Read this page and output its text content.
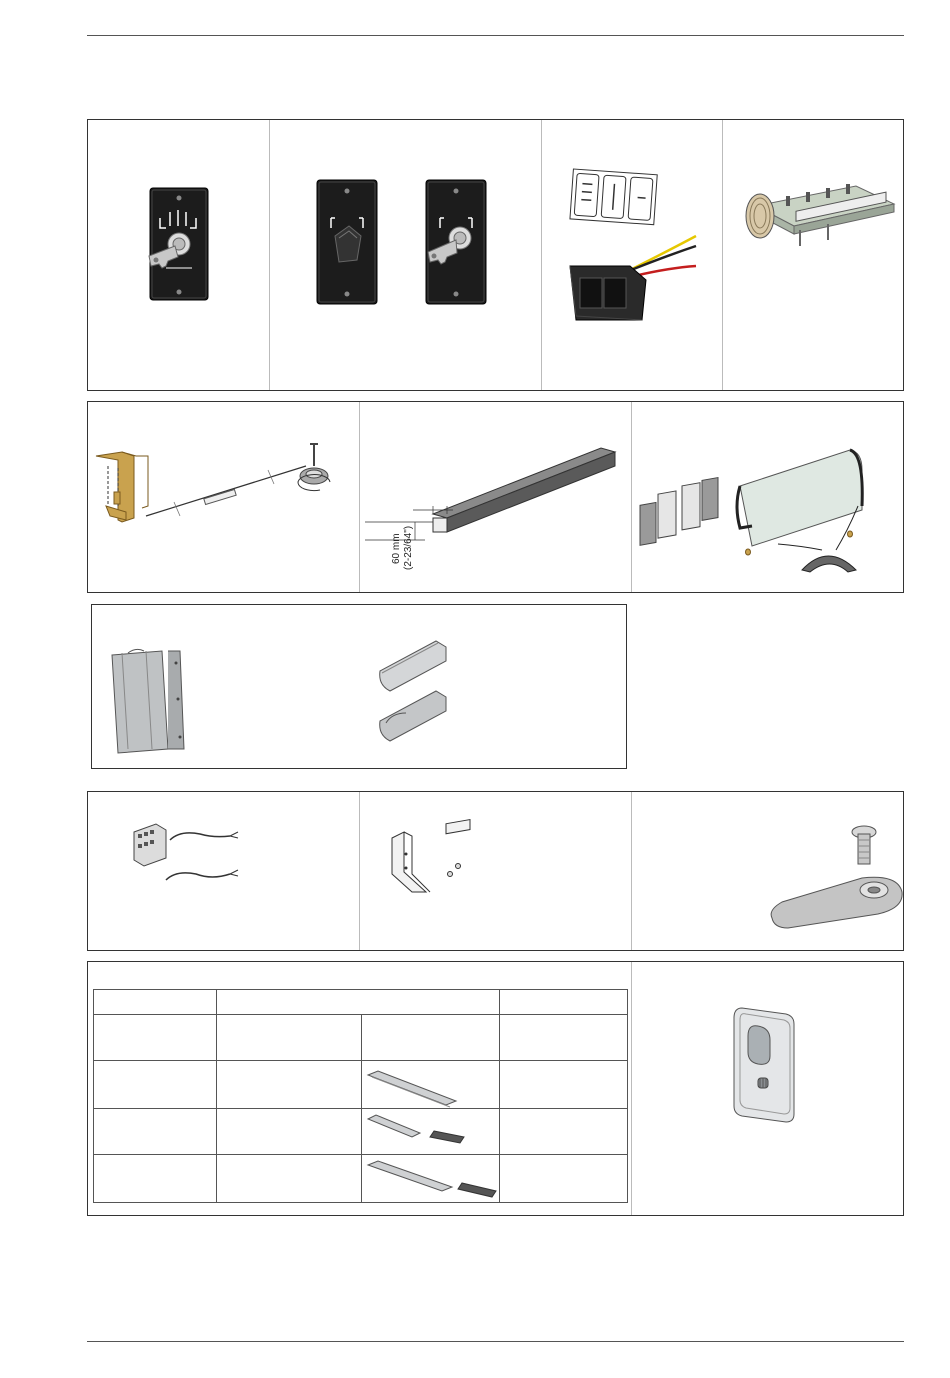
60 mm (2-23/64")
